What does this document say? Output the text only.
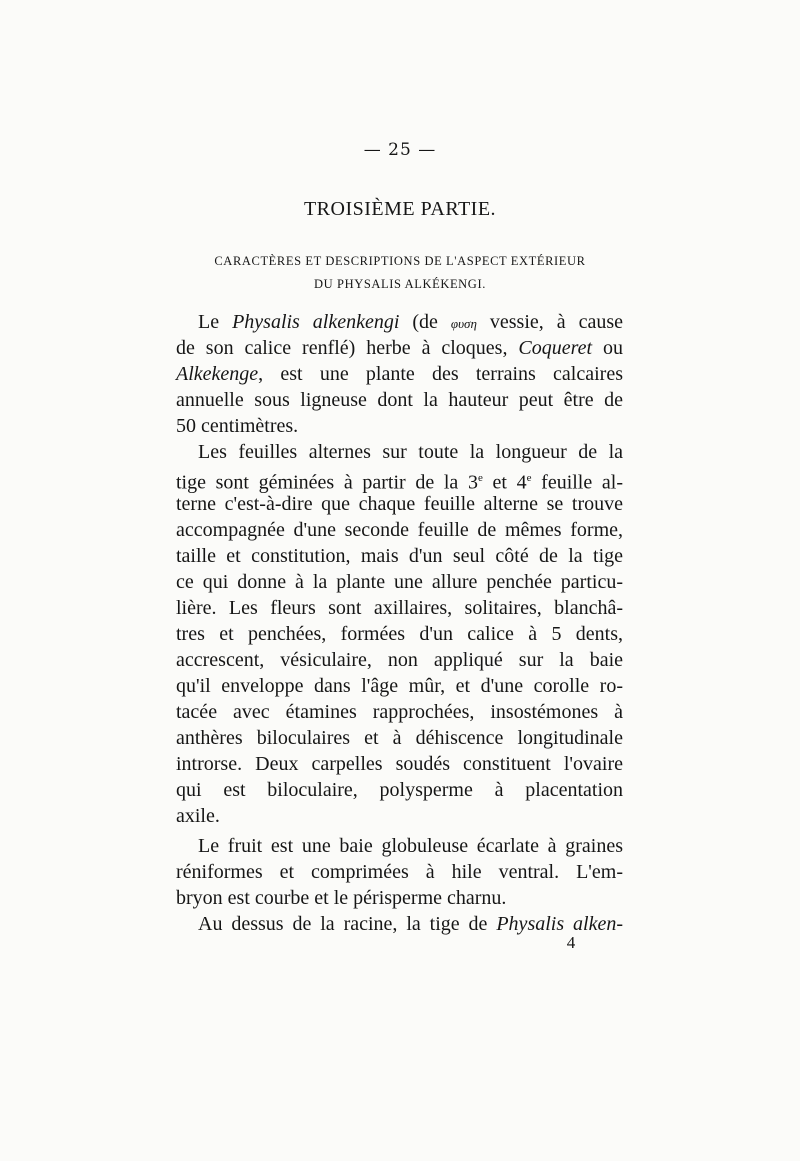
— 25 —
TROISIÈME PARTIE.
CARACTÈRES ET DESCRIPTIONS DE L'ASPECT EXTÉRIEUR
DU PHYSALIS ALKÉKENGI.
Le Physalis alkenkengi (de φυση vessie, à cause
de son calice renflé) herbe à cloques, Coqueret ou
Alkekenge, est une plante des terrains calcaires
annuelle sous ligneuse dont la hauteur peut être de
50 centimètres.
Les feuilles alternes sur toute la longueur de la
tige sont géminées à partir de la 3e et 4e feuille al-
terne c'est-à-dire que chaque feuille alterne se trouve
accompagnée d'une seconde feuille de mêmes forme,
taille et constitution, mais d'un seul côté de la tige
ce qui donne à la plante une allure penchée particu-
lière. Les fleurs sont axillaires, solitaires, blanchâ-
tres et penchées, formées d'un calice à 5 dents,
accrescent, vésiculaire, non appliqué sur la baie
qu'il enveloppe dans l'âge mûr, et d'une corolle ro-
tacée avec étamines rapprochées, insostémones à
anthères biloculaires et à déhiscence longitudinale
introrse. Deux carpelles soudés constituent l'ovaire
qui est biloculaire, polysperme à placentation
axile.
Le fruit est une baie globuleuse écarlate à graines
réniformes et comprimées à hile ventral. L'em-
bryon est courbe et le périsperme charnu.
Au dessus de la racine, la tige de Physalis alken-
4
